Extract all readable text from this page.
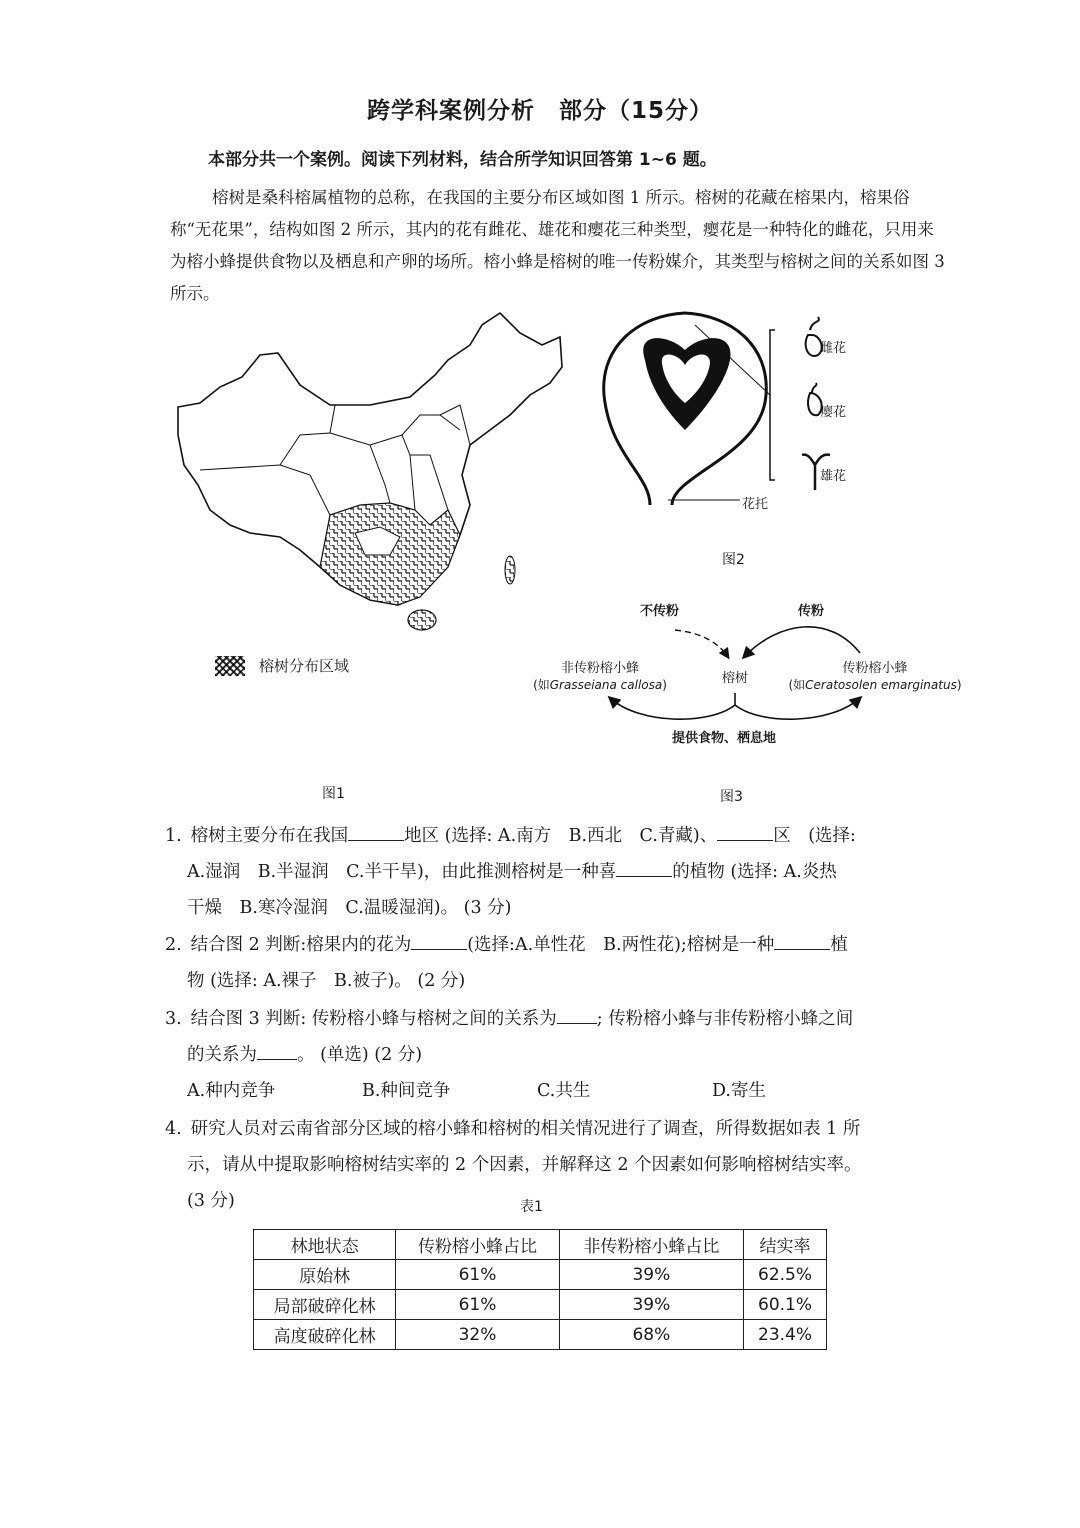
跨学科案例分析　部分（15分）
本部分共一个案例。阅读下列材料，结合所学知识回答第 1~6 题。
榕树是桑科榕属植物的总称，在我国的主要分布区域如图 1 所示。榕树的花藏在榕果内，榕果俗称“无花果”，结构如图 2 所示，其内的花有雌花、雄花和瘿花三种类型，瘿花是一种特化的雌花，只用来为榕小蜂提供食物以及栖息和产卵的场所。榕小蜂是榕树的唯一传粉媒介，其类型与榕树之间的关系如图 3 所示。
榕树分布区域
图1
雌花
瘿花
雄花
花托
图2
不传粉	传粉
榕树
非传粉榕小蜂
(如Grasseiana callosa)
传粉榕小蜂
(如Ceratosolen emarginatus)
提供食物、栖息地
图3
1. 榕树主要分布在我国	地区 (选择: A.南方　B.西北　C.青藏)、	区　(选择:
A.湿润　B.半湿润　C.半干旱)，由此推测榕树是一种喜	的植物 (选择: A.炎热
干燥　B.寒冷湿润　C.温暖湿润)。 (3 分)
2. 结合图 2 判断:榕果内的花为	(选择:A.单性花　B.两性花);榕树是一种	植
物 (选择: A.裸子　B.被子)。 (2 分)
3. 结合图 3 判断: 传粉榕小蜂与榕树之间的关系为 ; 传粉榕小蜂与非传粉榕小蜂之间
的关系为 。 (单选) (2 分)
A.种内竞争	B.种间竞争	C.共生	D.寄生
4. 研究人员对云南省部分区域的榕小蜂和榕树的相关情况进行了调查，所得数据如表 1 所
示，请从中提取影响榕树结实率的 2 个因素，并解释这 2 个因素如何影响榕树结实率。
(3 分)	表1
林地状态	传粉榕小蜂占比	非传粉榕小蜂占比	结实率
原始林	61%	39%	62.5%
局部破碎化林	61%	39%	60.1%
高度破碎化林	32%	68%	23.4%
